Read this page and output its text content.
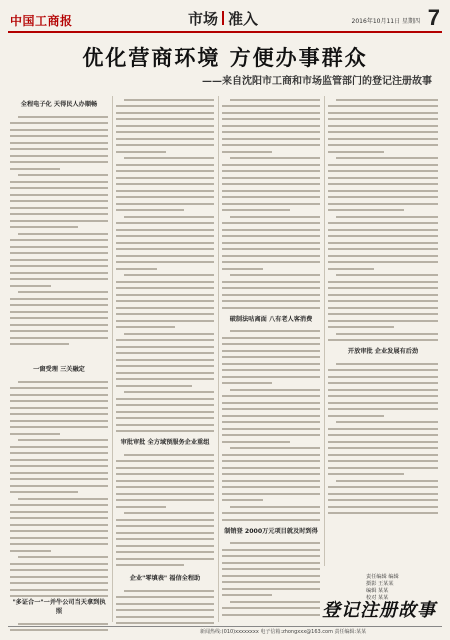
中国工商报	市场 准入	2016年10月11日 星期四 7
优化营商环境 方便办事群众
——来自沈阳市工商和市场监管部门的登记注册故事
全程电子化 天得民人办顺畅
一窗受理 三关融定
审批审批 全方域预服务企业重组
企业"零填表" 福信全程助
破制法咕离面 八有老人客消费
制销登 2000万元项目就及时到得
开放审批 企业发展有后劲
"多证合一"一并牛公司当天拿到执照
责任编辑 编辑
摄影 王某某
编辑 某某
校对 某某
登记注册故事
新闻热线:(010)xxxxxxxx 电子信箱:zhongxxx@163.com 责任编辑:某某
